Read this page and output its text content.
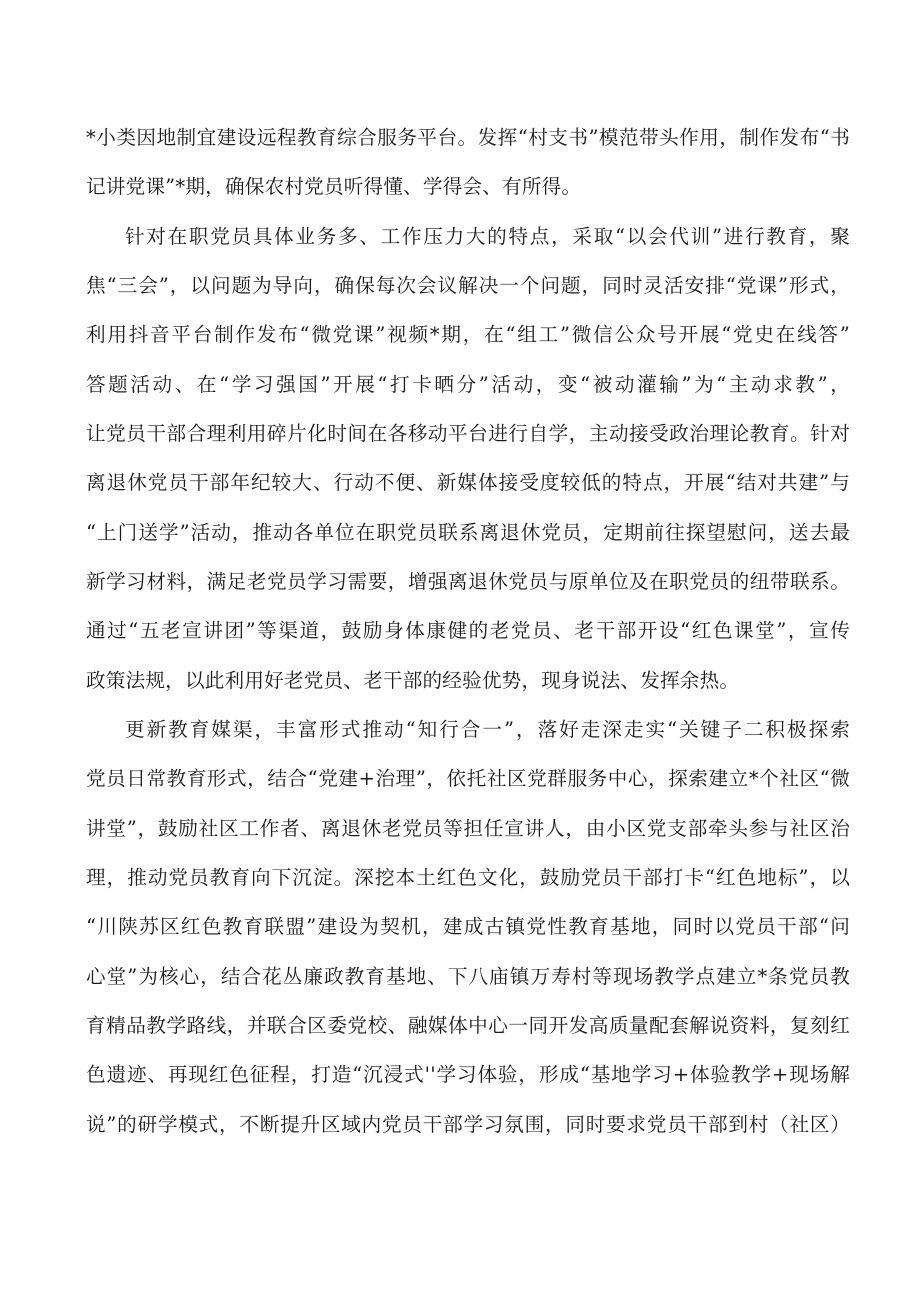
*小类因地制宜建设远程教育综合服务平台。发挥“村支书”模范带头作用，制作发布“书
记讲党课”*期，确保农村党员听得懂、学得会、有所得。
针对在职党员具体业务多、工作压力大的特点，采取“以会代训”进行教育，聚
焦“三会”，以问题为导向，确保每次会议解决一个问题，同时灵活安排“党课”形式，
利用抖音平台制作发布“微党课”视频*期，在“组工”微信公众号开展“党史在线答”
答题活动、在“学习强国”开展“打卡晒分”活动，变“被动灌输”为“主动求教”，
让党员干部合理利用碎片化时间在各移动平台进行自学，主动接受政治理论教育。针对
离退休党员干部年纪较大、行动不便、新媒体接受度较低的特点，开展“结对共建”与
“上门送学”活动，推动各单位在职党员联系离退休党员，定期前往探望慰问，送去最
新学习材料，满足老党员学习需要，增强离退休党员与原单位及在职党员的纽带联系。
通过“五老宣讲团”等渠道，鼓励身体康健的老党员、老干部开设“红色课堂”，宣传
政策法规，以此利用好老党员、老干部的经验优势，现身说法、发挥余热。
更新教育媒渠，丰富形式推动“知行合一”，落好走深走实“关键子二积极探索
党员日常教育形式，结合“党建+治理”，依托社区党群服务中心，探索建立*个社区“微
讲堂”，鼓励社区工作者、离退休老党员等担任宣讲人，由小区党支部牵头参与社区治
理，推动党员教育向下沉淀。深挖本土红色文化，鼓励党员干部打卡“红色地标”，以
“川陕苏区红色教育联盟”建设为契机，建成古镇党性教育基地，同时以党员干部“问
心堂”为核心，结合花丛廉政教育基地、下八庙镇万寿村等现场教学点建立*条党员教
育精品教学路线，并联合区委党校、融媒体中心一同开发高质量配套解说资料，复刻红
色遗迹、再现红色征程，打造“沉浸式''学习体验，形成“基地学习+体验教学+现场解
说”的研学模式，不断提升区域内党员干部学习氛围，同时要求党员干部到村（社区）
